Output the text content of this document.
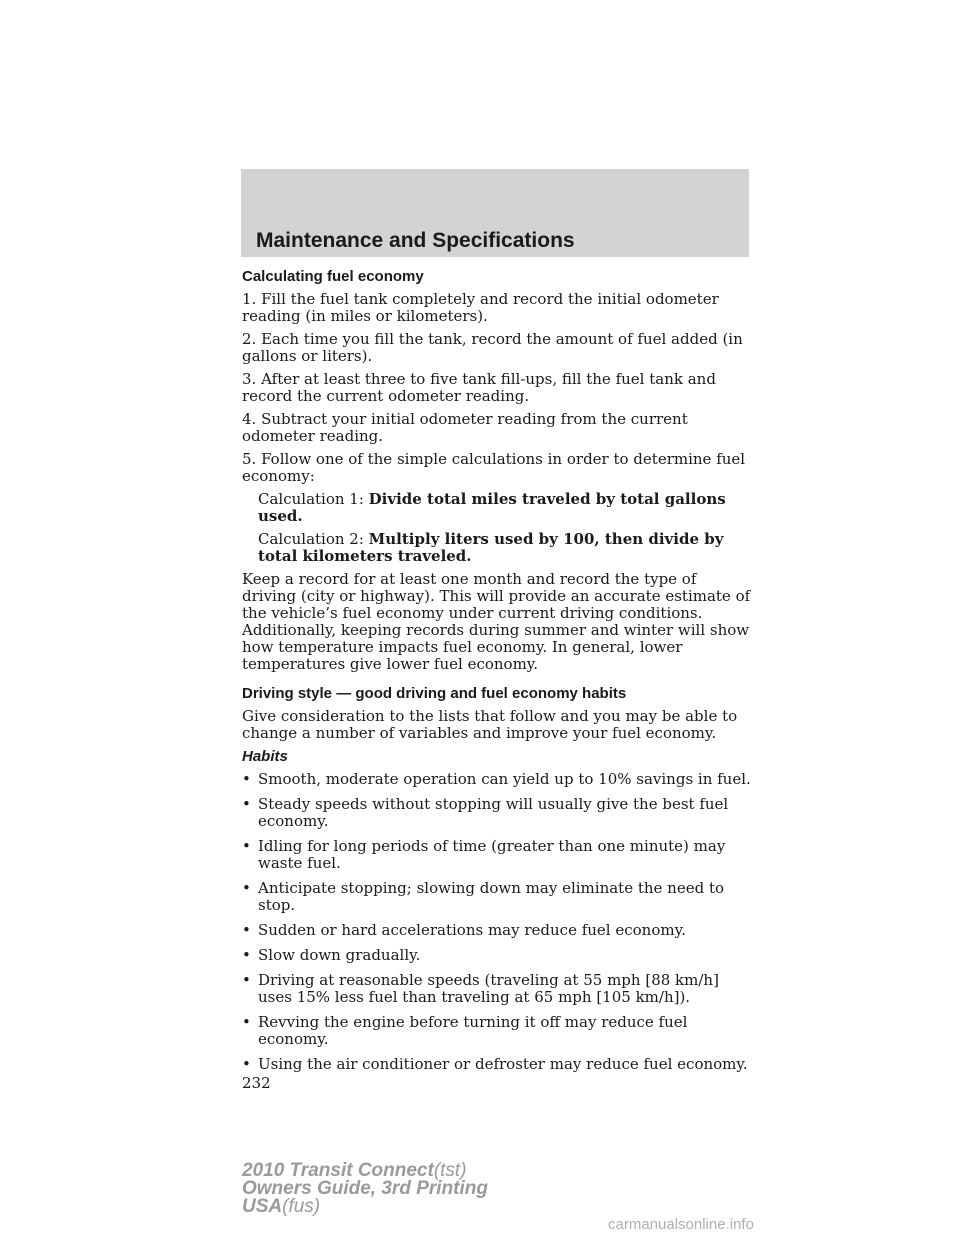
Maintenance and Specifications
Calculating fuel economy

1. Fill the fuel tank completely and record the initial odometer reading (in miles or kilometers).

2. Each time you fill the tank, record the amount of fuel added (in gallons or liters).

3. After at least three to five tank fill-ups, fill the fuel tank and record the current odometer reading.

4. Subtract your initial odometer reading from the current odometer reading.

5. Follow one of the simple calculations in order to determine fuel economy:

Calculation 1: Divide total miles traveled by total gallons used.

Calculation 2: Multiply liters used by 100, then divide by total kilometers traveled.

Keep a record for at least one month and record the type of driving (city or highway). This will provide an accurate estimate of the vehicle’s fuel economy under current driving conditions. Additionally, keeping records during summer and winter will show how temperature impacts fuel economy. In general, lower temperatures give lower fuel economy.

Driving style — good driving and fuel economy habits

Give consideration to the lists that follow and you may be able to change a number of variables and improve your fuel economy.

Habits
• Smooth, moderate operation can yield up to 10% savings in fuel.
• Steady speeds without stopping will usually give the best fuel economy.
• Idling for long periods of time (greater than one minute) may waste fuel.
• Anticipate stopping; slowing down may eliminate the need to stop.
• Sudden or hard accelerations may reduce fuel economy.
• Slow down gradually.
• Driving at reasonable speeds (traveling at 55 mph [88 km/h] uses 15% less fuel than traveling at 65 mph [105 km/h]).
• Revving the engine before turning it off may reduce fuel economy.
• Using the air conditioner or defroster may reduce fuel economy.

232

2010 Transit Connect(tst)
Owners Guide, 3rd Printing
USA(fus)
carmanualsonline.info
